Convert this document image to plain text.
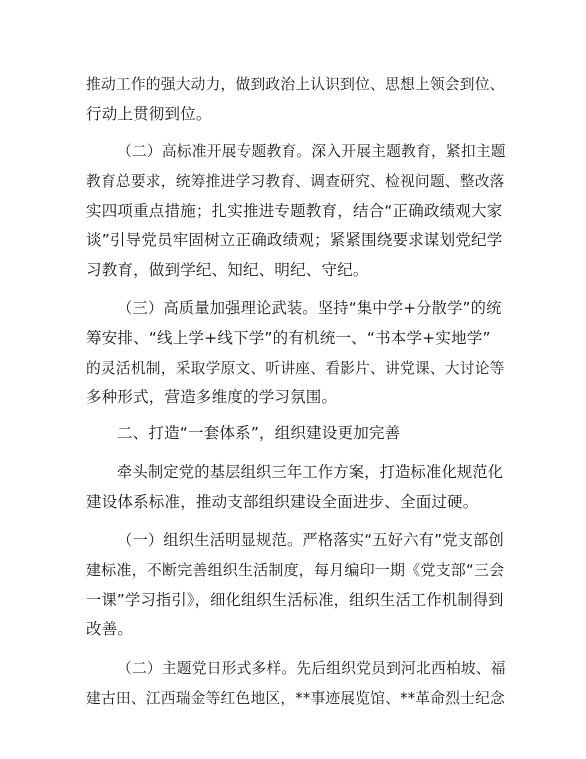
推动工作的强大动力，做到政治上认识到位、思想上领会到位、
行动上贯彻到位。

（二）高标准开展专题教育。深入开展主题教育，紧扣主题
教育总要求，统筹推进学习教育、调查研究、检视问题、整改落
实四项重点措施；扎实推进专题教育，结合“正确政绩观大家
谈”引导党员牢固树立正确政绩观；紧紧围绕要求谋划党纪学
习教育，做到学纪、知纪、明纪、守纪。

（三）高质量加强理论武装。坚持“集中学+分散学”的统
筹安排、“线上学+线下学”的有机统一、“书本学+实地学”
的灵活机制，采取学原文、听讲座、看影片、讲党课、大讨论等
多种形式，营造多维度的学习氛围。

二、打造“一套体系”，组织建设更加完善

牵头制定党的基层组织三年工作方案，打造标准化规范化
建设体系标准，推动支部组织建设全面进步、全面过硬。

（一）组织生活明显规范。严格落实“五好六有”党支部创
建标准，不断完善组织生活制度，每月编印一期《党支部“三会
一课”学习指引》，细化组织生活标准，组织生活工作机制得到
改善。

（二）主题党日形式多样。先后组织党员到河北西柏坡、福
建古田、江西瑞金等红色地区，**事迹展览馆、**革命烈士纪念
